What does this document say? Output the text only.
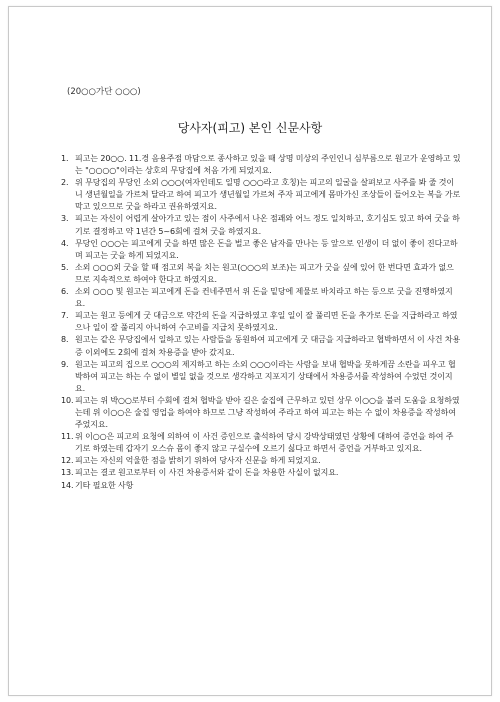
(20○○가단 ○○○)
당사자(피고) 본인 신문사항
1. 피고는 20○○. 11.경 음용주점 마담으로 종사하고 있을 때 상명 미상의 주인인니 심부름으로 원고가 운영하고 있는 "○○○○"이라는 상호의 무당집에 처음 가게 되었지요.
2. 위 무당집의 무당인 소외 ○○○(여자인데도 일명 ○○○라고 호칭)는 피고의 일굴을 살펴보고 사주를 봐 줄 것이니 생년월일을 가르쳐 달라고 하여 피고가 생년월일 가르쳐 주자 피고에게 몸마가신 조상들이 들어오는 복을 가로막고 있으므로 굿을 하라고 권유하였지요.
3. 피고는 자신이 어렵게 살아가고 있는 점이 사주에서 나온 점괘와 어느 정도 일치하고, 호기심도 있고 하여 굿을 하기로 결정하고 약 1년간 5~6회에 걸쳐 굿을 하였지요.
4. 무당인 ○○○는 피고에게 굿을 하면 많은 돈을 벌고 좋은 남자를 만나는 등 앞으로 인생이 더 없이 좋이 진다고하며 피고는 굿을 하게 되었지요.
5. 소외 ○○○외 굿을 할 때 점고외 복을 치는 원고(○○○의 보조)는 피고가 굿을 싶에 있어 한 번다면 효과가 없으므로 지속적으로 하여야 한다고 하였지요.
6. 소외 ○○○ 및 원고는 피고에게 돈을 컨네주면서 위 돈을 밑당에 제물로 바치라고 하는 등으로 굿을 진행하였지요.
7. 피고는 원고 등에게 굿 대금으로 약간의 돈을 지급하였고 후일 일이 잘 풀리면 돈을 추가로 돈을 지급하라고 하였으나 일이 잘 풀리지 아니하여 수고비를 지급치 못하였지요.
8. 원고는 같은 무당집에서 일하고 있는 사람들을 동원하여 피고에게 굿 대금을 지급하라고 협박하면서 이 사건 차용증 이외에도 2회에 걸쳐 차용증을 받아 갔지요.
9. 원고는 피고의 집으로 ○○○의 제지하고 하는 소외 ○○○이라는 사람을 보내 협박을 못하게끔 소란을 피우고 협박하여 피고는 하는 수 없이 별일 없을 것으로 생각하고 지포지기 상태에서 차용증서를 작성하여 수었던 것이지요.
10. 피고는 위 박○○로부터 수회에 걸쳐 협박을 받아 길은 술집에 근무하고 있던 상무 이○○을 불러 도움을 요청하였는데 위 이○○은 술집 영업을 하여야 하므로 그냥 작성하여 주라고 하여 피고는 하는 수 없이 차용증을 작성하여 주었지요.
11. 위 이○○은 피고의 요청에 의하여 이 사건 증인으로 출석하여 당시 강박상태였던 상황에 대하여 증언을 하여 주기로 하였는데 갑자기 오스슈 몸이 좋지 않고 구실수에 오르기 싫다고 하면서 증언을 거부하고 있지요.
12. 피고는 자신의 억울한 점을 밝히기 위하여 당사자 신문을 하게 되었지요.
13. 피고는 결코 원고로부터 이 사건 차용증서와 같이 돈을 차용한 사실이 없지요.
14. 기타 필요한 사항
